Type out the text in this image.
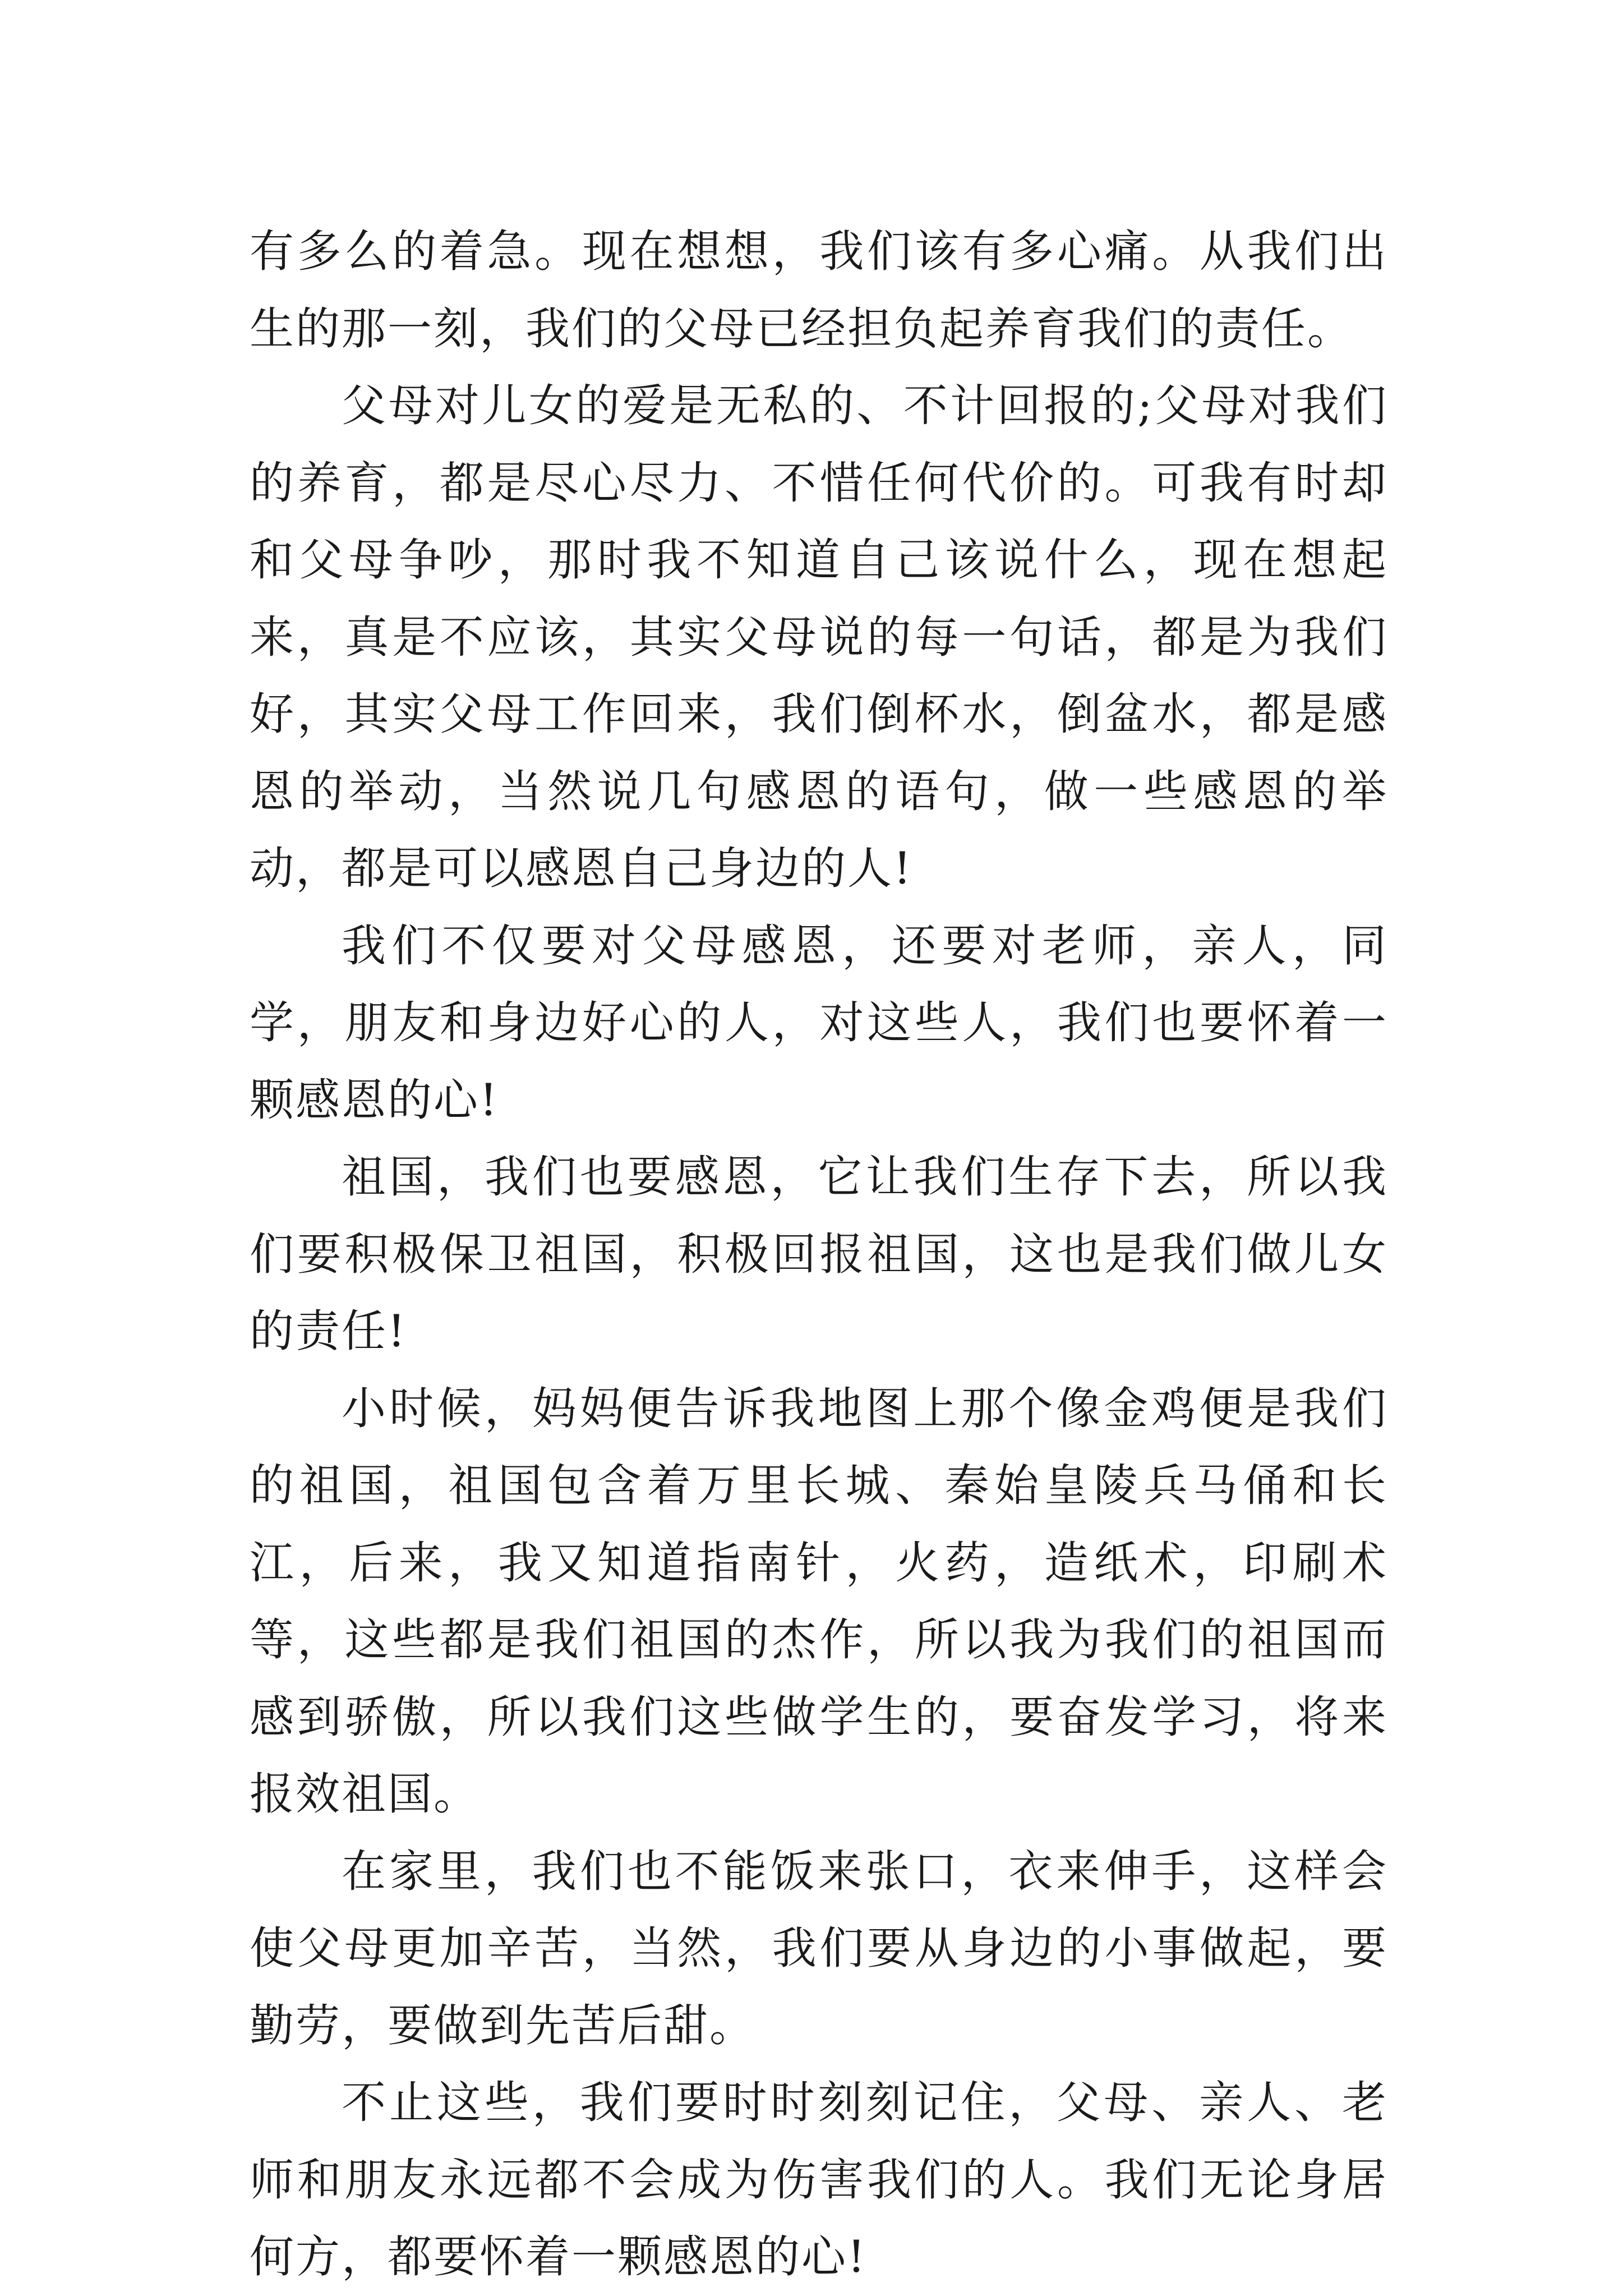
有多么的着急。现在想想，我们该有多心痛。从我们出生的那一刻，我们的父母已经担负起养育我们的责任。

父母对儿女的爱是无私的、不计回报的;父母对我们的养育，都是尽心尽力、不惜任何代价的。可我有时却和父母争吵，那时我不知道自己该说什么，现在想起来，真是不应该，其实父母说的每一句话，都是为我们好，其实父母工作回来，我们倒杯水，倒盆水，都是感恩的举动，当然说几句感恩的语句，做一些感恩的举动，都是可以感恩自己身边的人!

我们不仅要对父母感恩，还要对老师，亲人，同学，朋友和身边好心的人，对这些人，我们也要怀着一颗感恩的心!

祖国，我们也要感恩，它让我们生存下去，所以我们要积极保卫祖国，积极回报祖国，这也是我们做儿女的责任!

小时候，妈妈便告诉我地图上那个像金鸡便是我们的祖国，祖国包含着万里长城、秦始皇陵兵马俑和长江，后来，我又知道指南针，火药，造纸术，印刷术等，这些都是我们祖国的杰作，所以我为我们的祖国而感到骄傲，所以我们这些做学生的，要奋发学习，将来报效祖国。

在家里，我们也不能饭来张口，衣来伸手，这样会使父母更加辛苦，当然，我们要从身边的小事做起，要勤劳，要做到先苦后甜。

不止这些，我们要时时刻刻记住，父母、亲人、老师和朋友永远都不会成为伤害我们的人。我们无论身居何方，都要怀着一颗感恩的心!
